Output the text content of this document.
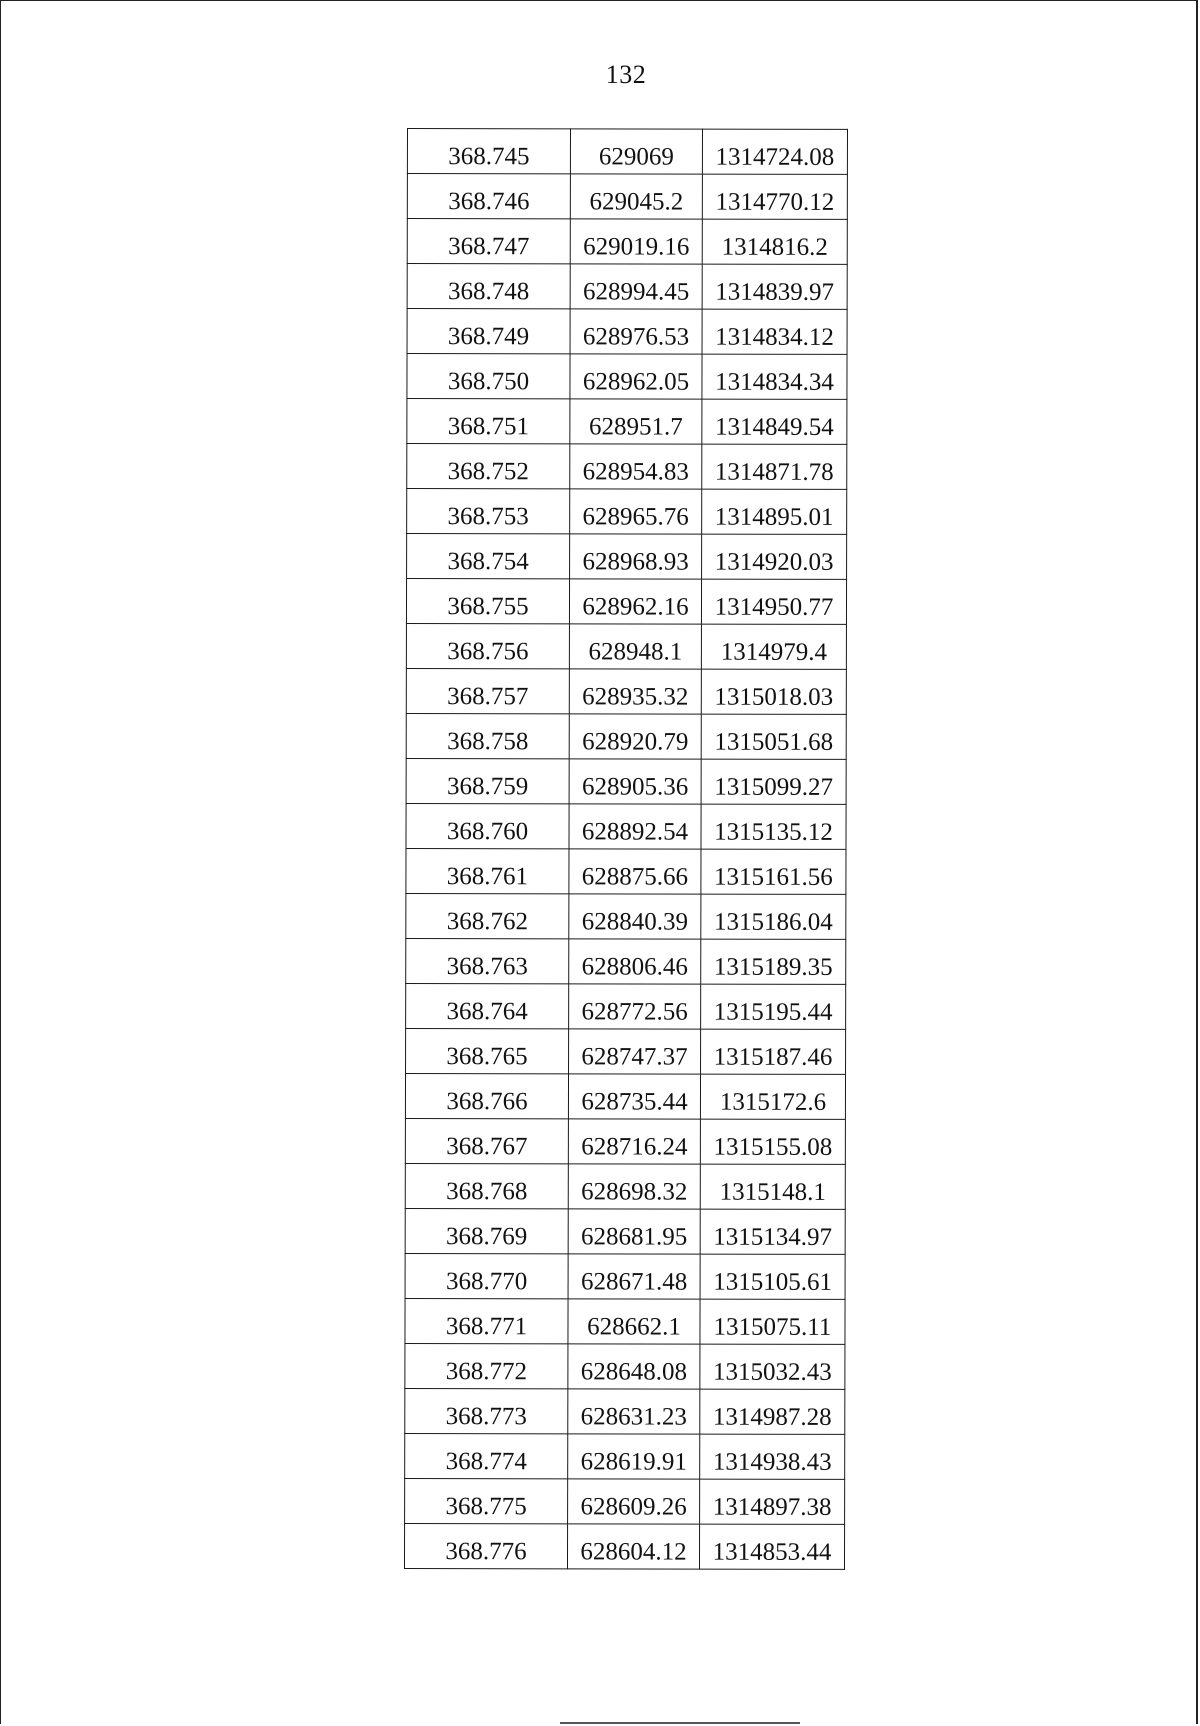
132
368.745	629069	1314724.08
368.746	629045.2	1314770.12
368.747	629019.16	1314816.2
368.748	628994.45	1314839.97
368.749	628976.53	1314834.12
368.750	628962.05	1314834.34
368.751	628951.7	1314849.54
368.752	628954.83	1314871.78
368.753	628965.76	1314895.01
368.754	628968.93	1314920.03
368.755	628962.16	1314950.77
368.756	628948.1	1314979.4
368.757	628935.32	1315018.03
368.758	628920.79	1315051.68
368.759	628905.36	1315099.27
368.760	628892.54	1315135.12
368.761	628875.66	1315161.56
368.762	628840.39	1315186.04
368.763	628806.46	1315189.35
368.764	628772.56	1315195.44
368.765	628747.37	1315187.46
368.766	628735.44	1315172.6
368.767	628716.24	1315155.08
368.768	628698.32	1315148.1
368.769	628681.95	1315134.97
368.770	628671.48	1315105.61
368.771	628662.1	1315075.11
368.772	628648.08	1315032.43
368.773	628631.23	1314987.28
368.774	628619.91	1314938.43
368.775	628609.26	1314897.38
368.776	628604.12	1314853.44
